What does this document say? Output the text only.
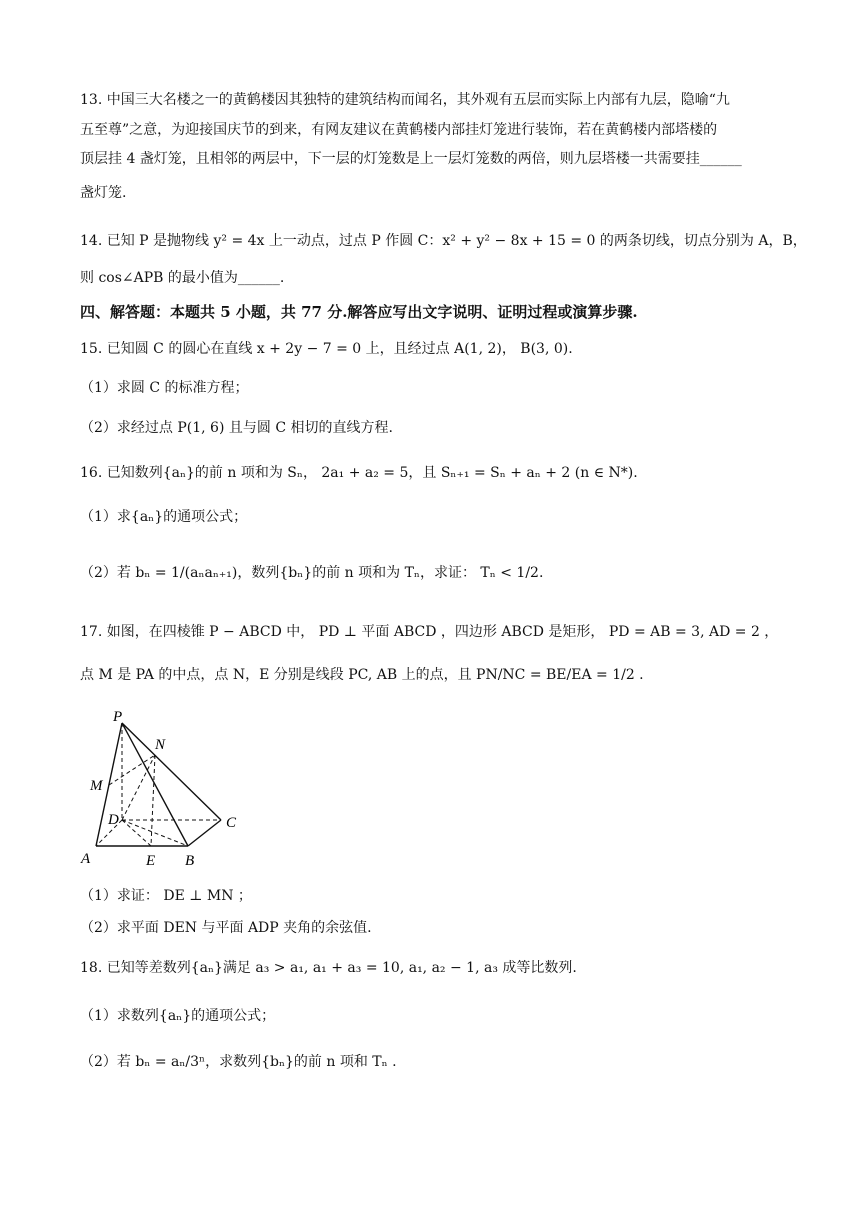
13. 中国三大名楼之一的黄鹤楼因其独特的建筑结构而闻名，其外观有五层而实际上内部有九层，隐喻“九
五至尊”之意，为迎接国庆节的到来，有网友建议在黄鹤楼内部挂灯笼进行装饰，若在黄鹤楼内部塔楼的
顶层挂 4 盏灯笼，且相邻的两层中，下一层的灯笼数是上一层灯笼数的两倍，则九层塔楼一共需要挂______
盏灯笼.
14. 已知 P 是抛物线 y² = 4x 上一动点，过点 P 作圆 C：x² + y² − 8x + 15 = 0 的两条切线，切点分别为 A，B，
则 cos∠APB 的最小值为______.
四、解答题：本题共 5 小题，共 77 分.解答应写出文字说明、证明过程或演算步骤.
15. 已知圆 C 的圆心在直线 x + 2y − 7 = 0 上，且经过点 A(1, 2)， B(3, 0).
（1）求圆 C 的标准方程；
（2）求经过点 P(1, 6) 且与圆 C 相切的直线方程.
16. 已知数列{aₙ}的前 n 项和为 Sₙ， 2a₁ + a₂ = 5，且 Sₙ₊₁ = Sₙ + aₙ + 2 (n ∈ N*).
（1）求{aₙ}的通项公式；
（2）若 bₙ = 1/(aₙaₙ₊₁)，数列{bₙ}的前 n 项和为 Tₙ，求证： Tₙ < 1/2.
17. 如图，在四棱锥 P − ABCD 中， PD ⊥ 平面 ABCD ，四边形 ABCD 是矩形， PD = AB = 3, AD = 2 ，
点 M 是 PA 的中点，点 N，E 分别是线段 PC, AB 上的点，且 PN/NC = BE/EA = 1/2 .
P
N
M
D	C
A	E B
（1）求证： DE ⊥ MN ；
（2）求平面 DEN 与平面 ADP 夹角的余弦值.
18. 已知等差数列{aₙ}满足 a₃ > a₁, a₁ + a₃ = 10, a₁, a₂ − 1, a₃ 成等比数列.
（1）求数列{aₙ}的通项公式；
（2）若 bₙ = aₙ/3ⁿ，求数列{bₙ}的前 n 项和 Tₙ .
